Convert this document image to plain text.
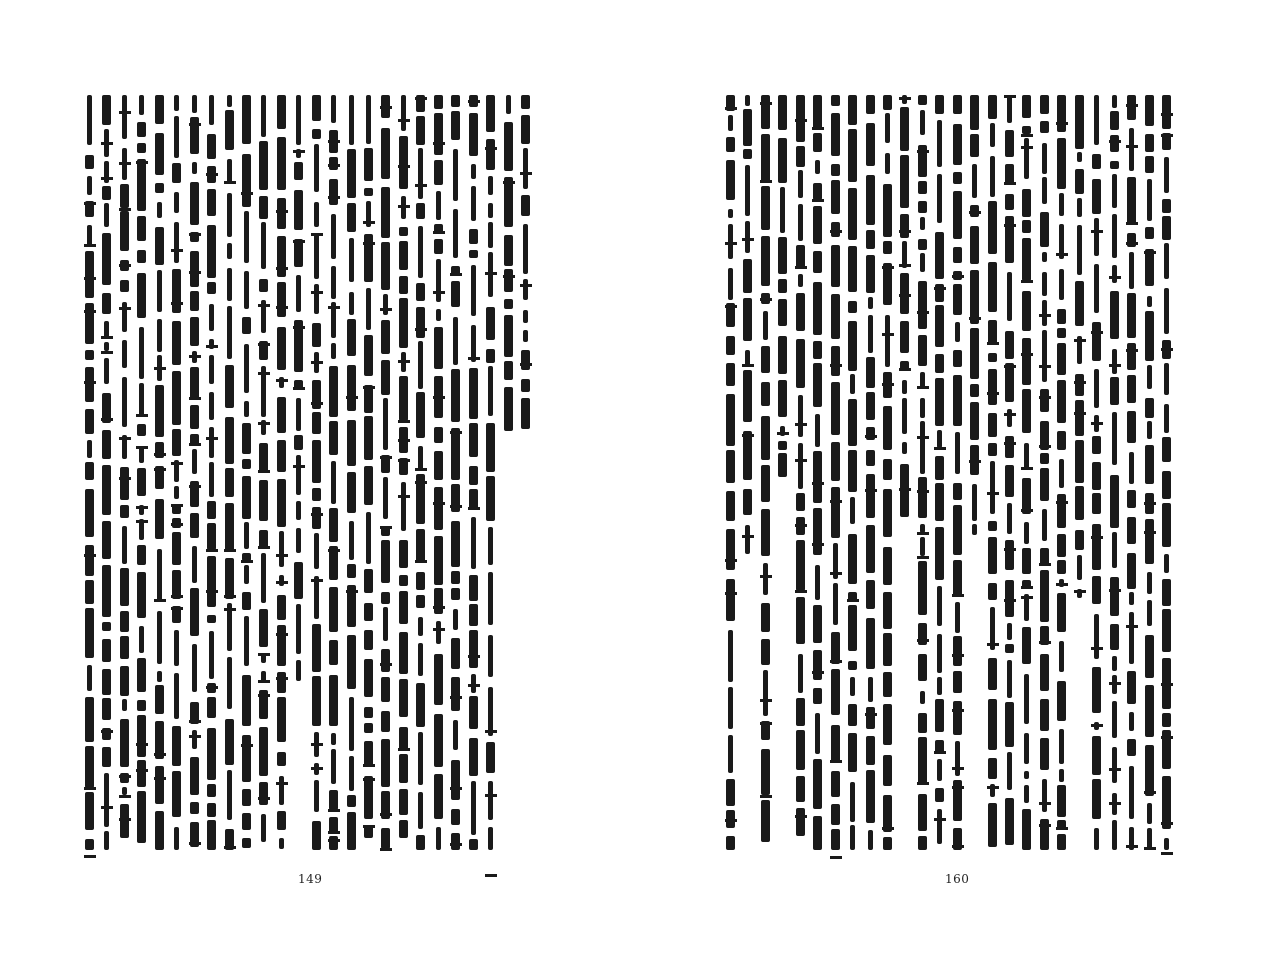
149	160
